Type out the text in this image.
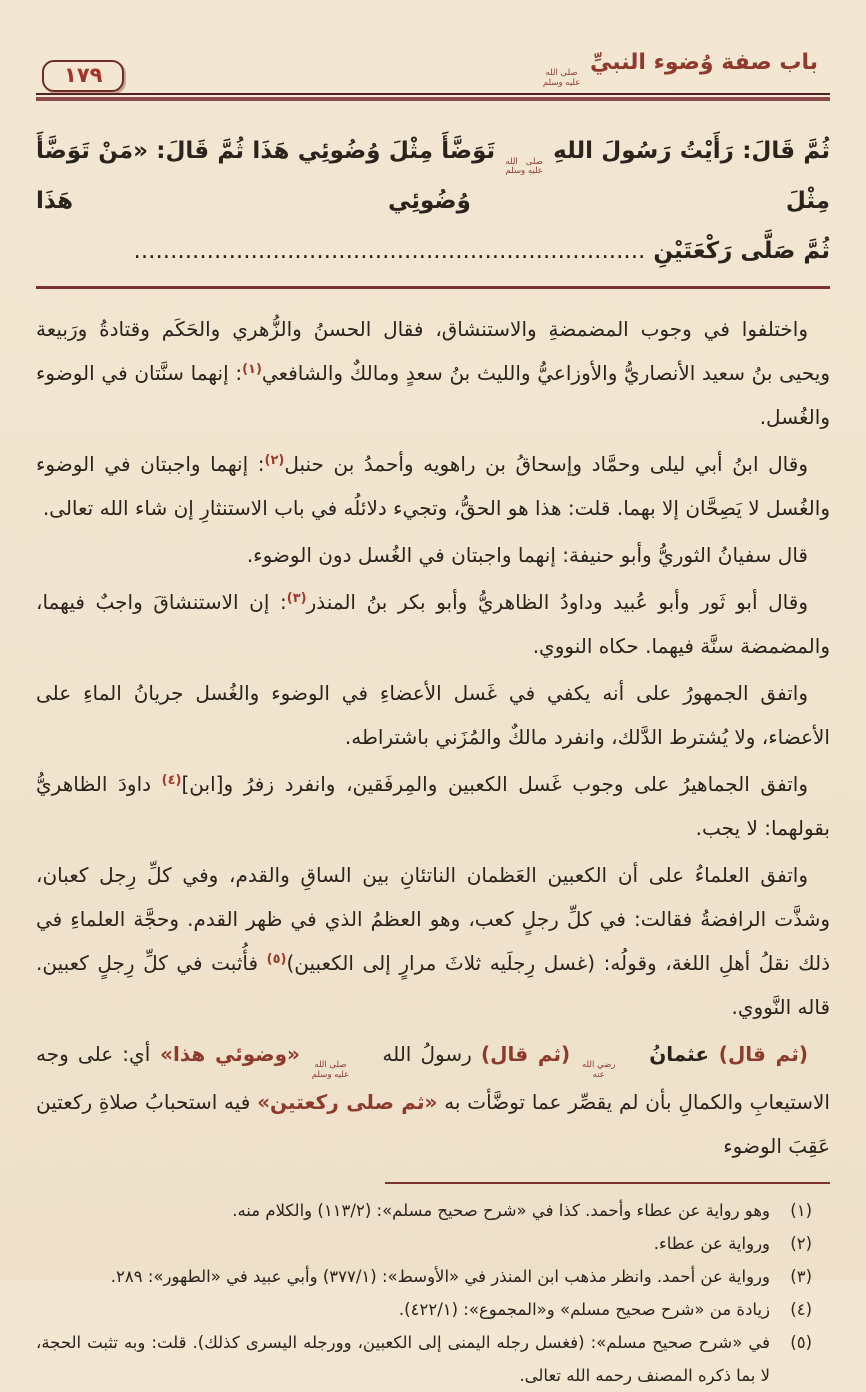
باب صفة وُضوء النبيِّ
صلى الله
عليه وسلم
١٧٩
ثُمَّ قَالَ: رَأَيْتُ رَسُولَ اللهِ
صلى الله
عليه وسلم
تَوَضَّأَ مِثْلَ وُضُوئِي هَذَا ثُمَّ قَالَ: «مَنْ تَوَضَّأَ مِثْلَ وُضُوئِي هَذَا
ثُمَّ صَلَّى رَكْعَتَيْنِ ......................................................................

واختلفوا في وجوب المضمضةِ والاستنشاق، فقال الحسنُ والزُّهري والحَكَم وقتادةُ ورَبيعة ويحيى بنُ سعيد الأنصاريُّ والأوزاعيُّ والليث بنُ سعدٍ ومالكٌ والشافعي$^{(١)}$: إنهما سنَّتان في الوضوء والغُسل.

وقال ابنُ أبي ليلى وحمَّاد وإسحاقُ بن راهويه وأحمدُ بن حنبل$^{(٢)}$: إنهما واجبتان في الوضوء والغُسل لا يَصِحَّان إلا بهما. قلت: هذا هو الحقُّ، وتجيء دلائلُه في باب الاستنثارِ إن شاء الله تعالى.

قال سفيانُ الثوريُّ وأبو حنيفة: إنهما واجبتان في الغُسل دون الوضوء.

وقال أبو ثَور وأبو عُبيد وداودُ الظاهريُّ وأبو بكر بنُ المنذر$^{(٣)}$: إن الاستنشاقَ واجبٌ فيهما، والمضمضة سنَّة فيهما. حكاه النووي.

واتفق الجمهورُ على أنه يكفي في غَسل الأعضاءِ في الوضوء والغُسل جريانُ الماءِ على الأعضاء، ولا يُشترط الدَّلك، وانفرد مالكٌ والمُزَني باشتراطه.

واتفق الجماهيرُ على وجوب غَسل الكعبين والمِرفَقين، وانفرد زفرُ و[ابن]$^{(٤)}$ داودَ الظاهريُّ بقولهما: لا يجب.

واتفق العلماءُ على أن الكعبين العَظمان الناتئانِ بين الساقِ والقدم، وفي كلِّ رِجل كعبان، وشذَّت الرافضةُ فقالت: في كلِّ رجلٍ كعب، وهو العظمُ الذي في ظهر القدم. وحجَّة العلماءِ في ذلك نقلُ أهلِ اللغة، وقولُه: (غسل رِجلَيه ثلاثَ مرارٍ إلى الكعبين)$^{(٥)}$ فأُثبت في كلِّ رِجلٍ كعبين. قاله النَّووي.

(ثم قال) عثمانُ
رضي الله
عنه
(ثم قال) رسولُ الله
صلى الله
عليه وسلم
«وضوئي هذا» أي: على وجه الاستيعابِ والكمالِ بأن لم يقصِّر عما توضَّأت به «ثم صلى ركعتين» فيه استحبابُ صلاةِ ركعتين عَقِبَ الوضوء

(١)
وهو رواية عن عطاء وأحمد. كذا في «شرح صحيح مسلم»: (١١٣/٢) والكلام منه.
(٢)
ورواية عن عطاء.
(٣)
ورواية عن أحمد. وانظر مذهب ابن المنذر في «الأوسط»: (٣٧٧/١) وأبي عبيد في «الطهور»: ٢٨٩.
(٤)
زيادة من «شرح صحيح مسلم» و«المجموع»: (٤٢٢/١).
(٥)
في «شرح صحيح مسلم»: (فغسل رجله اليمنى إلى الكعبين، وورجله اليسرى كذلك). قلت: وبه تثبت الحجة، لا بما ذكره المصنف رحمه الله تعالى.
